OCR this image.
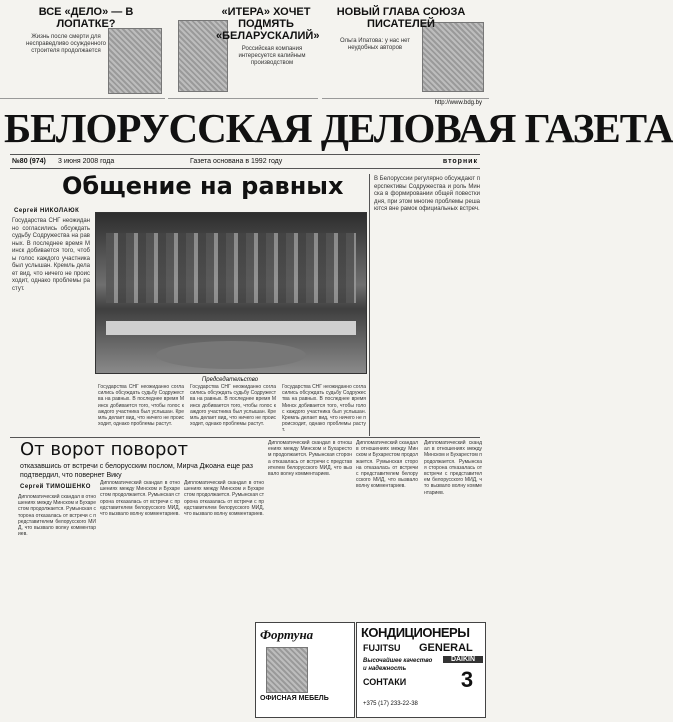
ВСЕ «ДЕЛО» — В ЛОПАТКЕ?
Жизнь после смерти для несправедливо осужденного строителя продолжается
«ИТЕРА» ХОЧЕТ ПОДМЯТЬ «БЕЛАРУСКАЛИЙ»
Российская компания интересуется калийным производством
НОВЫЙ ГЛАВА СОЮЗА ПИСАТЕЛЕЙ
Ольга Ипатова: у нас нет неудобных авторов
http://www.bdg.by
БЕЛОРУССКАЯ ДЕЛОВАЯ ГАЗЕТА
№80 (974)	3 июня 2008 года	Газета основана в 1992 году	вторник
Общение на равных
Сергей НИКОЛАЮК
Государства СНГ неожиданно согласились обсуждать судьбу Содружества на равных. В последнее время Минск добивается того, чтобы голос каждого участника был услышан. Кремль делает вид, что ничего не происходит, однако проблемы растут.
Председательство
Государства СНГ неожиданно согласились обсуждать судьбу Содружества на равных. В последнее время Минск добивается того, чтобы голос каждого участника был услышан. Кремль делает вид, что ничего не происходит, однако проблемы растут.
Государства СНГ неожиданно согласились обсуждать судьбу Содружества на равных. В последнее время Минск добивается того, чтобы голос каждого участника был услышан. Кремль делает вид, что ничего не происходит, однако проблемы растут.
Государства СНГ неожиданно согласились обсуждать судьбу Содружества на равных. В последнее время Минск добивается того, чтобы голос каждого участника был услышан. Кремль делает вид, что ничего не происходит, однако проблемы растут.
В Белоруссии регулярно обсуждают перспективы Содружества и роль Минска в формировании общей повестки дня, при этом многие проблемы решаются вне рамок официальных встреч.
От ворот поворот
отказавшись от встречи с белорусским послом, Мирча Джоана еще раз подтвердил, что повернет Вику
Сергей ТИМОШЕНКО
Дипломатический скандал в отношениях между Минском и Бухарестом продолжается. Румынская сторона отказалась от встречи с представителем белорусского МИД, что вызвало волну комментариев.
Дипломатический скандал в отношениях между Минском и Бухарестом продолжается. Румынская сторона отказалась от встречи с представителем белорусского МИД, что вызвало волну комментариев.
Дипломатический скандал в отношениях между Минском и Бухарестом продолжается. Румынская сторона отказалась от встречи с представителем белорусского МИД, что вызвало волну комментариев.
Дипломатический скандал в отношениях между Минском и Бухарестом продолжается. Румынская сторона отказалась от встречи с представителем белорусского МИД, что вызвало волну комментариев.
Дипломатический скандал в отношениях между Минском и Бухарестом продолжается. Румынская сторона отказалась от встречи с представителем белорусского МИД, что вызвало волну комментариев.
Дипломатический скандал в отношениях между Минском и Бухарестом продолжается. Румынская сторона отказалась от встречи с представителем белорусского МИД, что вызвало волну комментариев.
Фортуна
ОФИСНАЯ МЕБЕЛЬ
КОНДИЦИОНЕРЫ
FUJITSU	GENERAL
DAIKIN
Высочайшее качество
и надежность
СОНТАКИ	3
+375 (17) 233-22-38
